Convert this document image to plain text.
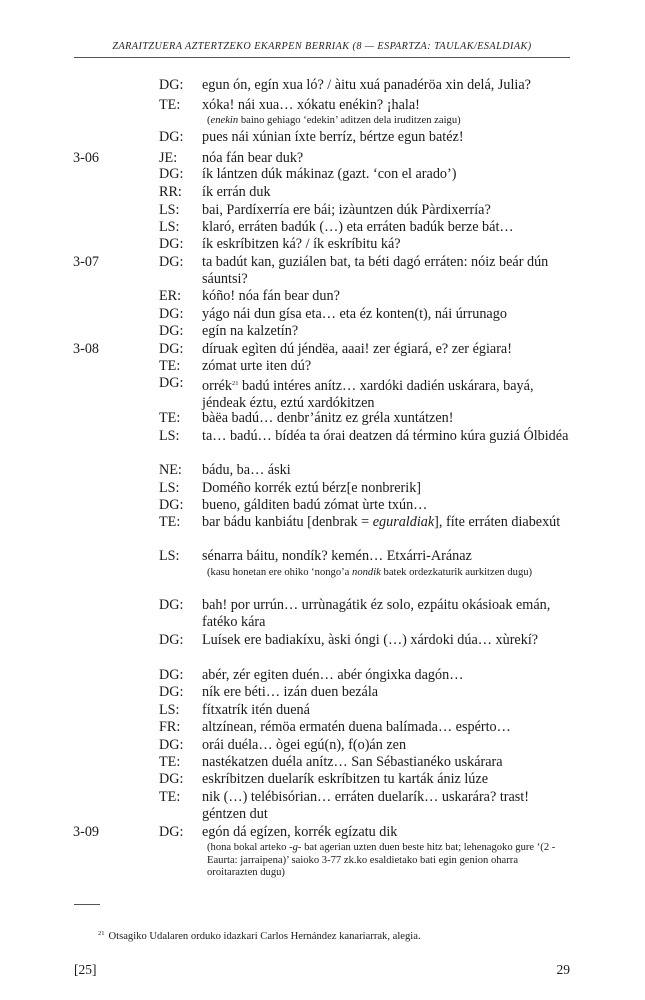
ZARAITZUERA AZTERTZEKO EKARPEN BERRIAK (8 — ESPARTZA: TAULAK/ESALDIAK)
DG: egun ón, egín xua ló? / àitu xuá panadéröa xin delá, Julia?
TE: xóka! nái xua… xókatu enékin? ¡hala!
(enekin baino gehiago ‘edekin’ aditzen dela iruditzen zaigu)
DG: pues nái xúnian íxte berríz, bértze egun batéz!
3-06	JE: nóa fán bear duk?
DG: ík lántzen dúk mákinaz (gazt. ‘con el arado’)
RR: ík errán duk
LS: bai, Pardíxerría ere bái; izàuntzen dúk Pàrdixerría?
LS: klaró, erráten badúk (…) eta erráten badúk berze bát…
DG: ík eskríbitzen ká? / ík eskríbitu ká?
3-07	DG: ta badút kan, guziálen bat, ta béti dagó erráten: nóiz beár dún sáuntsi?
ER: kóño! nóa fán bear dun?
DG: yágo nái dun gísa eta… eta éz konten(t), nái úrrunago
DG: egín na kalzetín?
3-08	DG: díruak egìten dú jéndëa, aaai! zer égiará, e? zer égiara!
TE: zómat urte iten dú?
DG: orrék$^{21}$ badú intéres anítz… xardóki dadién uskárara, bayá, jéndeak éztu, eztú xardókitzen
TE: bàëa badú… denbr’ánitz ez gréla xuntátzen!
LS: ta… badú… bídéa ta órai deatzen dá término kúra guziá Ólbidéa
NE: bádu, ba… áski
LS: Doméño korrék eztú bérz[e nonbrerik]
DG: bueno, gálditen badú zómat ùrte txún…
TE: bar bádu kanbiátu [denbrak = eguraldiak], fíte erráten diabexút
LS: sénarra báitu, nondík? kemén… Etxárri-Aránaz
(kasu honetan ere ohiko ‘nongo’a nondik batek ordezkaturik aurkitzen dugu)
DG: bah! por urrún… urrùnagátik éz solo, ezpáitu okásioak emán, fatéko kára
DG: Luísek ere badiakíxu, àski óngi (…) xárdoki dúa… xùrekí?
DG: abér, zér egiten duén… abér óngixka dagón…
DG: ník ere béti… izán duen bezála
LS: fítxatrík itén duená
FR: altzínean, rémöa ermatén duena balímada… espérto…
DG: orái duéla… ògei egú(n), f(o)án zen
TE: nastékatzen duéla anítz… San Sébastianéko uskárara
DG: eskríbitzen duelarík eskríbitzen tu karták ániz lúze
TE: nik (…) telébisórian… erráten duelarík… uskarára? trast! géntzen dut
3-09	DG: egón dá egízen, korrék egízatu dik
(hona bokal arteko -g- bat agerian uzten duen beste hitz bat; lehenagoko gure ‘(2 - Eaurta: jarraipena)’ saioko 3-77 zk.ko esaldietako bati egin genion oharra oroitarazten dugu)
$^{21}$ Otsagiko Udalaren orduko idazkari Carlos Hernández kanariarrak, alegia.
[25]	29
